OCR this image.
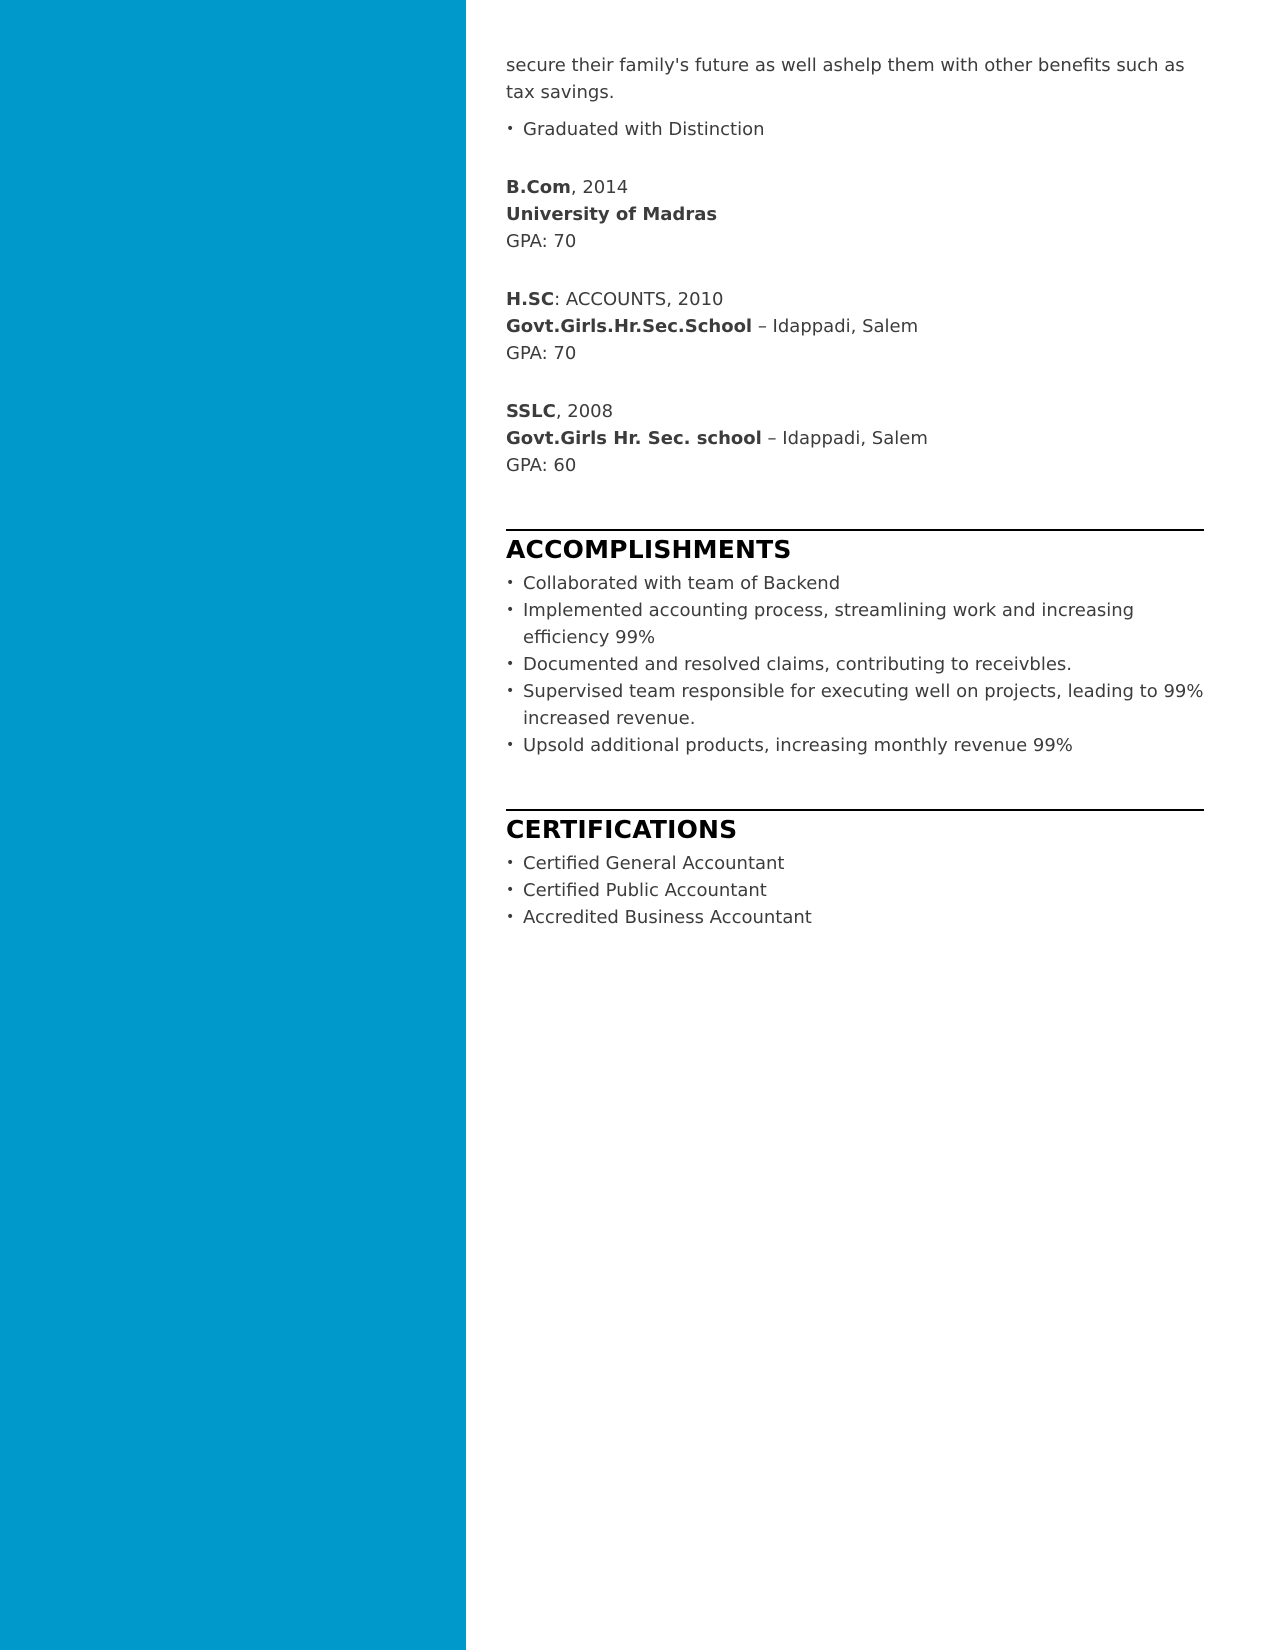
secure their family's future as well ashelp them with other benefits such as tax savings.

• Graduated with Distinction
B.Com, 2014
University of Madras
GPA: 70
H.SC: ACCOUNTS, 2010
Govt.Girls.Hr.Sec.School – Idappadi, Salem
GPA: 70
SSLC, 2008
Govt.Girls Hr. Sec. school – Idappadi, Salem
GPA: 60
ACCOMPLISHMENTS
• Collaborated with team of Backend
• Implemented accounting process, streamlining work and increasing efficiency 99%
• Documented and resolved claims, contributing to receivbles.
• Supervised team responsible for executing well on projects, leading to 99% increased revenue.
• Upsold additional products, increasing monthly revenue 99%
CERTIFICATIONS
• Certified General Accountant
• Certified Public Accountant
• Accredited Business Accountant
